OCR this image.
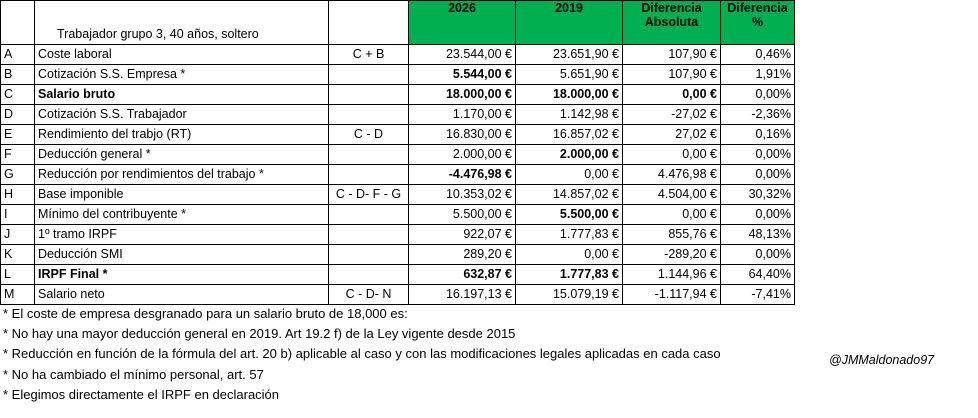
	Trabajador grupo 3, 40 años, soltero		2026	2019	Diferencia Absoluta	Diferencia %
A	Coste laboral	C + B	23.544,00 €	23.651,90 €	107,90 €	0,46%
B	Cotización S.S. Empresa *		5.544,00 €	5.651,90 €	107,90 €	1,91%
C	Salario bruto		18.000,00 €	18.000,00 €	0,00 €	0,00%
D	Cotización S.S. Trabajador		1.170,00 €	1.142,98 €	-27,02 €	-2,36%
E	Rendimiento del trabjo (RT)	C - D	16.830,00 €	16.857,02 €	27,02 €	0,16%
F	Deducción general *		2.000,00 €	2.000,00 €	0,00 €	0,00%
G	Reducción por rendimientos del trabajo *		-4.476,98 €	0,00 €	4.476,98 €	0,00%
H	Base imponible	C - D- F - G	10.353,02 €	14.857,02 €	4.504,00 €	30,32%
I	Mínimo del contribuyente *		5.500,00 €	5.500,00 €	0,00 €	0,00%
J	1º tramo IRPF		922,07 €	1.777,83 €	855,76 €	48,13%
K	Deducción SMI		289,20 €	0,00 €	-289,20 €	0,00%
L	IRPF Final *		632,87 €	1.777,83 €	1.144,96 €	64,40%
M	Salario neto	C - D- N	16.197,13 €	15.079,19 €	-1.117,94 €	-7,41%
* El coste de empresa desgranado para un salario bruto de 18,000 es:
* No hay una mayor deducción general en 2019. Art 19.2 f) de la Ley vigente desde 2015
* Reducción en función de la fórmula del art. 20 b) aplicable al caso y con las modificaciones legales aplicadas en cada caso
* No ha cambiado el mínimo personal, art. 57
* Elegimos directamente el IRPF en declaración
@JMMaldonado97
